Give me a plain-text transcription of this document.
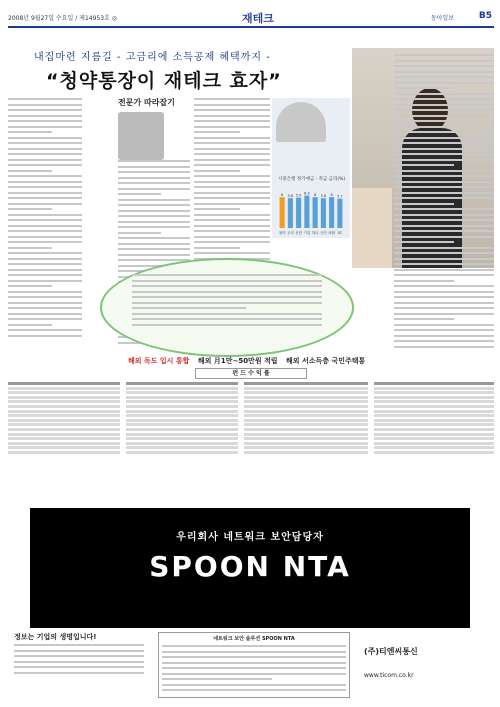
2008년 9월27일 수요일 / 제14953호 ◎	재테크	동아일보	B5
내집마련 지름길 - 고금리에 소득공제 혜택까지 -
“청약통장이 재테크 효자”
전문가 따라잡기
시중은행 정기예금 · 적금 금리(%)
6
청약
5.8
우리
5.9
신한
6.3
기업
6
하나
5.8
국민
6
외환
5.7
SC
해외 독도 입시 통합 해외 月1만~50만원 적립 해외 서소득층 국민주택통
펀 드 수 익 률
우리회사 네트워크 보안담당자
SPOON NTA
정보는 기업의 생명입니다!	네트워크 보안 솔루션 SPOON NTA
(주)티엔씨통신
www.ticom.co.kr
